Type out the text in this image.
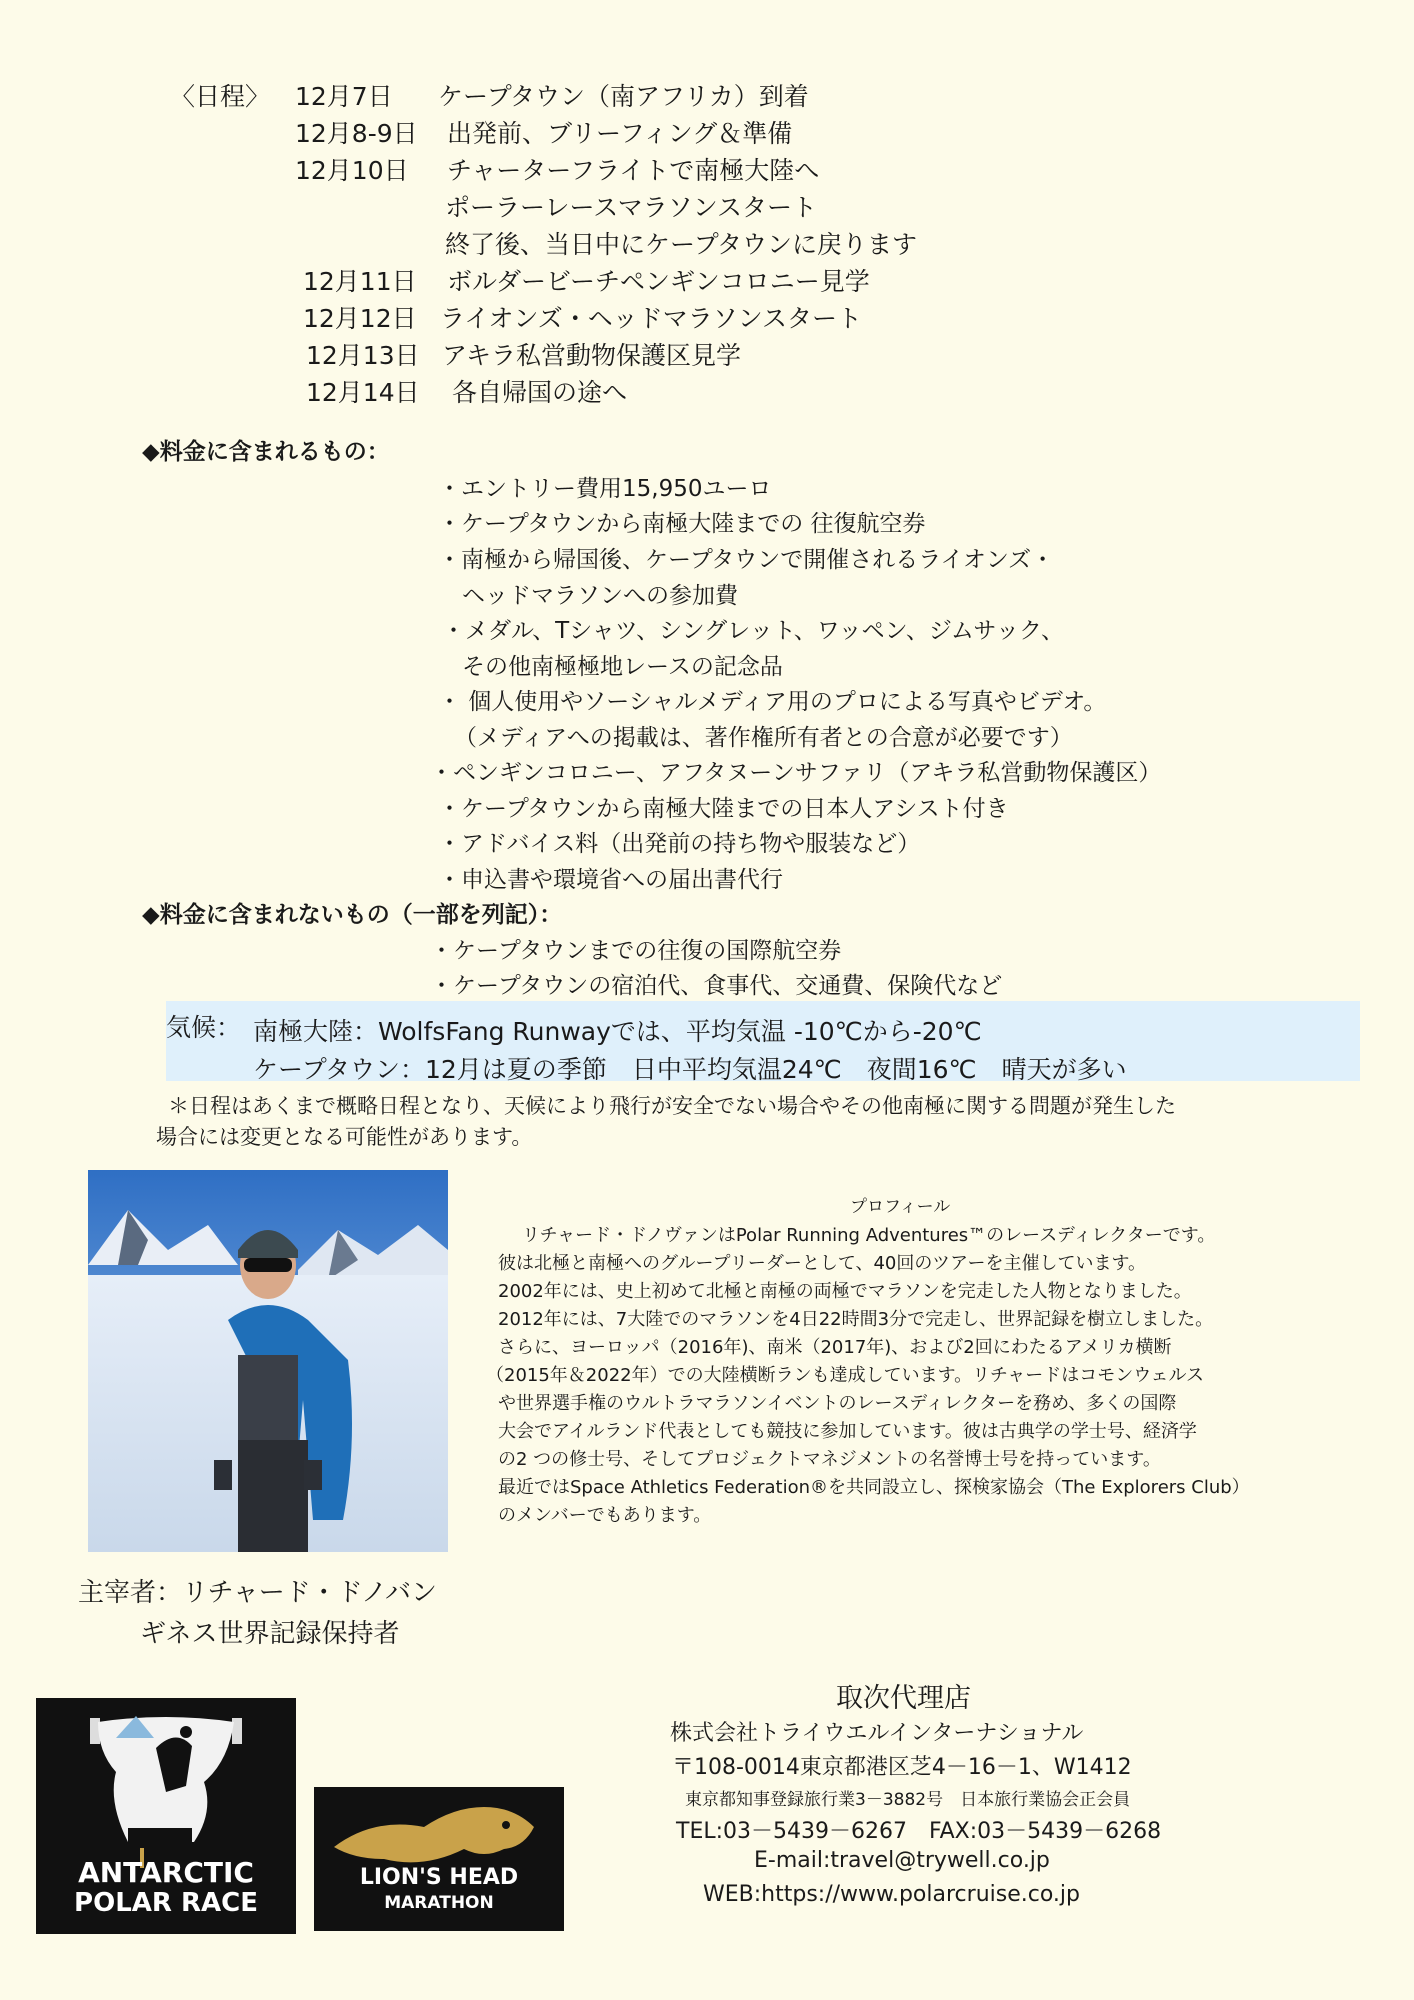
〈日程〉 12月7日 ケープタウン（南アフリカ）到着
12月8-9日 出発前、ブリーフィング＆準備
12月10日 チャーターフライトで南極大陸へ
ポーラーレースマラソンスタート
終了後、当日中にケープタウンに戻ります
12月11日 ボルダービーチペンギンコロニー見学
12月12日 ライオンズ・ヘッドマラソンスタート
12月13日 アキラ私営動物保護区見学
12月14日 各自帰国の途へ
◆料金に含まれるもの：
・エントリー費用15,950ユーロ
・ケープタウンから南極大陸までの 往復航空券
・南極から帰国後、ケープタウンで開催されるライオンズ・
ヘッドマラソンへの参加費
・メダル、Tシャツ、シングレット、ワッペン、ジムサック、
その他南極極地レースの記念品
・ 個人使用やソーシャルメディア用のプロによる写真やビデオ。
（メディアへの掲載は、著作権所有者との合意が必要です）
・ペンギンコロニー、アフタヌーンサファリ（アキラ私営動物保護区）
・ケープタウンから南極大陸までの日本人アシスト付き
・アドバイス料（出発前の持ち物や服装など）
・申込書や環境省への届出書代行
◆料金に含まれないもの（一部を列記）：
・ケープタウンまでの往復の国際航空券
・ケープタウンの宿泊代、食事代、交通費、保険代など
気候： 南極大陸：WolfsFang Runwayでは、平均気温 -10℃から-20℃
ケープタウン：12月は夏の季節　日中平均気温24℃　夜間16℃　晴天が多い
＊日程はあくまで概略日程となり、天候により飛行が安全でない場合やその他南極に関する問題が発生した
場合には変更となる可能性があります。
プロフィール
リチャード・ドノヴァンはPolar Running Adventures™のレースディレクターです。
彼は北極と南極へのグループリーダーとして、40回のツアーを主催しています。
2002年には、史上初めて北極と南極の両極でマラソンを完走した人物となりました。
2012年には、7大陸でのマラソンを4日22時間3分で完走し、世界記録を樹立しました。
さらに、ヨーロッパ（2016年)、南米（2017年)、および2回にわたるアメリカ横断
（2015年＆2022年）での大陸横断ランも達成しています。リチャードはコモンウェルス
や世界選手権のウルトラマラソンイベントのレースディレクターを務め、多くの国際
大会でアイルランド代表としても競技に参加しています。彼は古典学の学士号、経済学
の2 つの修士号、そしてプロジェクトマネジメントの名誉博士号を持っています。
最近ではSpace Athletics Federation®を共同設立し、探検家協会（The Explorers Club）
のメンバーでもあります。
主宰者：リチャード・ドノバン
ギネス世界記録保持者
ANTARCTIC
POLAR RACE
LION'S HEAD
MARATHON
取次代理店
株式会社トライウエルインターナショナル
〒108-0014東京都港区芝4－16－1、W1412
東京都知事登録旅行業3－3882号　日本旅行業協会正会員
TEL:03－5439－6267　FAX:03－5439－6268
E-mail:travel@trywell.co.jp
WEB:https://www.polarcruise.co.jp
